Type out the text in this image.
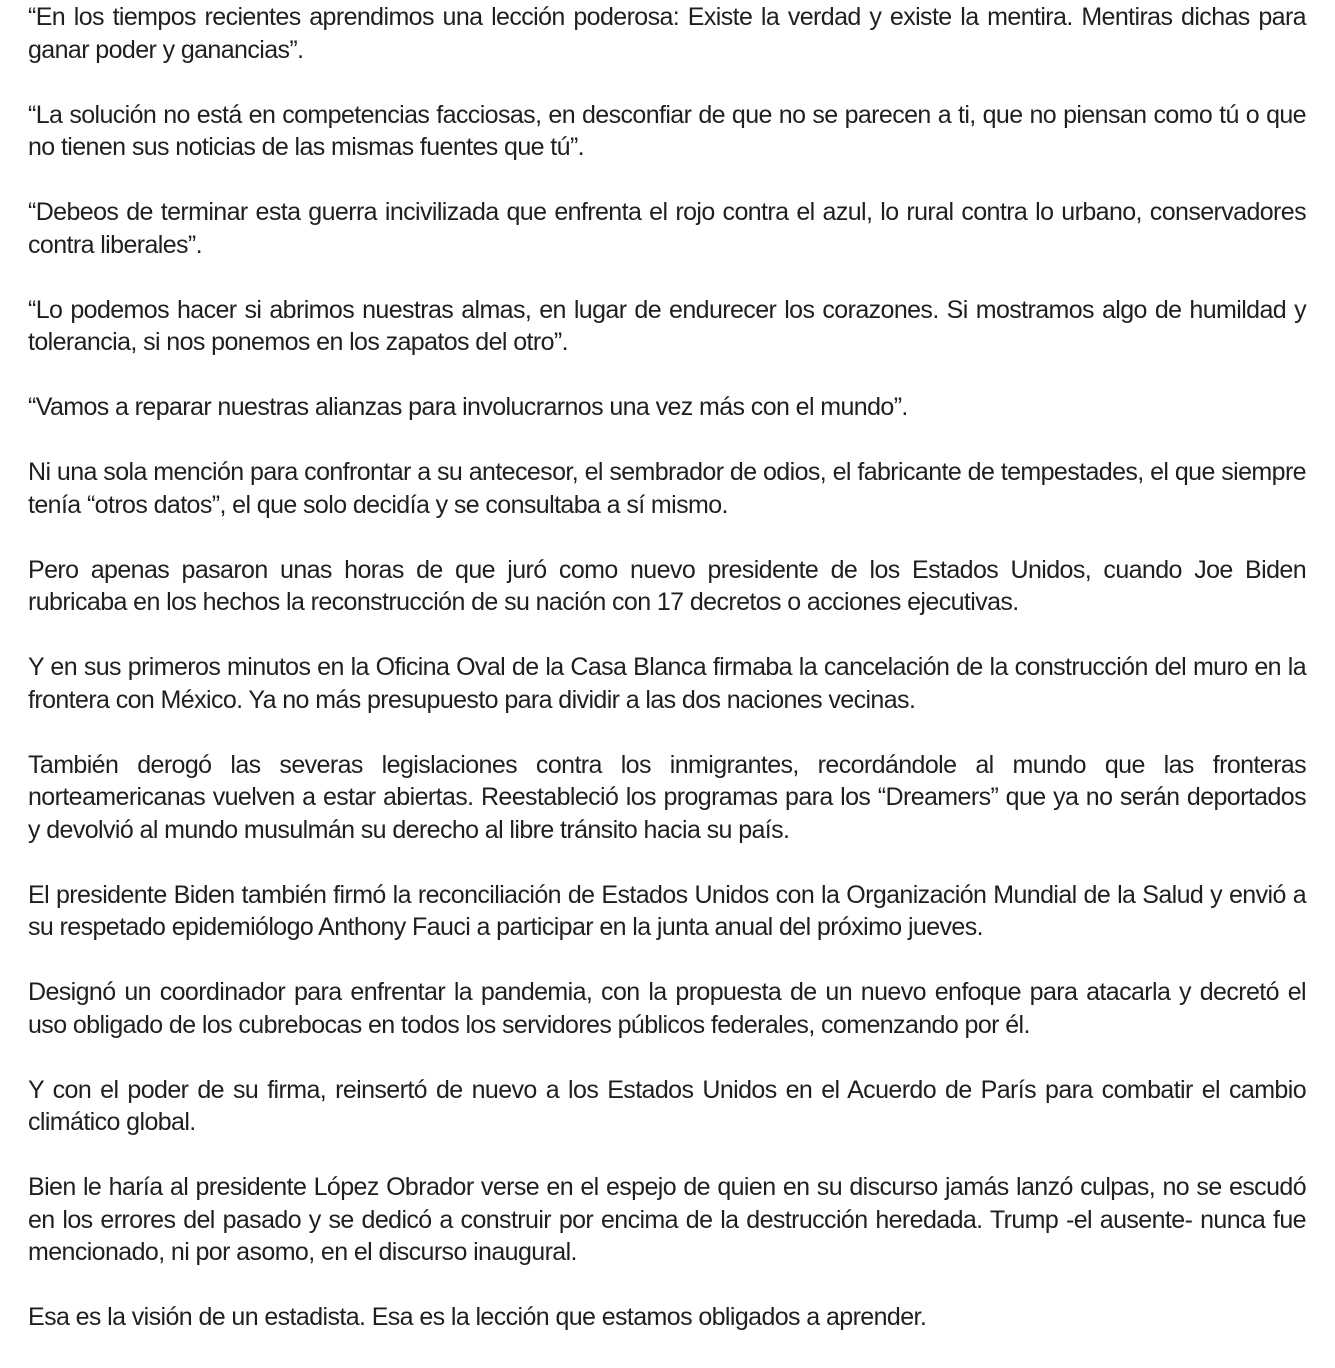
“En los tiempos recientes aprendimos una lección poderosa: Existe la verdad y existe la mentira. Mentiras dichas para ganar poder y ganancias”.

“La solución no está en competencias facciosas, en desconfiar de que no se parecen a ti, que no piensan como tú o que no tienen sus noticias de las mismas fuentes que tú”.

“Debeos de terminar esta guerra incivilizada que enfrenta el rojo contra el azul, lo rural contra lo urbano, conservadores contra liberales”.

“Lo podemos hacer si abrimos nuestras almas, en lugar de endurecer los corazones. Si mostramos algo de humildad y tolerancia, si nos ponemos en los zapatos del otro”.

“Vamos a reparar nuestras alianzas para involucrarnos una vez más con el mundo”.

Ni una sola mención para confrontar a su antecesor, el sembrador de odios, el fabricante de tempestades, el que siempre tenía “otros datos”, el que solo decidía y se consultaba a sí mismo.

Pero apenas pasaron unas horas de que juró como nuevo presidente de los Estados Unidos, cuando Joe Biden rubricaba en los hechos la reconstrucción de su nación con 17 decretos o acciones ejecutivas.

Y en sus primeros minutos en la Oficina Oval de la Casa Blanca firmaba la cancelación de la construcción del muro en la frontera con México. Ya no más presupuesto para dividir a las dos naciones vecinas.

También derogó las severas legislaciones contra los inmigrantes, recordándole al mundo que las fronteras norteamericanas vuelven a estar abiertas. Reestableció los programas para los “Dreamers” que ya no serán deportados y devolvió al mundo musulmán su derecho al libre tránsito hacia su país.

El presidente Biden también firmó la reconciliación de Estados Unidos con la Organización Mundial de la Salud y envió a su respetado epidemiólogo Anthony Fauci a participar en la junta anual del próximo jueves.

Designó un coordinador para enfrentar la pandemia, con la propuesta de un nuevo enfoque para atacarla y decretó el uso obligado de los cubrebocas en todos los servidores públicos federales, comenzando por él.

Y con el poder de su firma, reinsertó de nuevo a los Estados Unidos en el Acuerdo de París para combatir el cambio climático global.

Bien le haría al presidente López Obrador verse en el espejo de quien en su discurso jamás lanzó culpas, no se escudó en los errores del pasado y se dedicó a construir por encima de la destrucción heredada. Trump -el ausente- nunca fue mencionado, ni por asomo, en el discurso inaugural.

Esa es la visión de un estadista. Esa es la lección que estamos obligados a aprender.
